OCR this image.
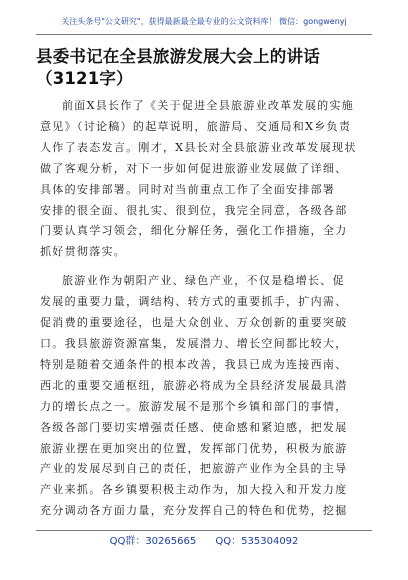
关注头条号"公文研究"，获得最新最全最专业的公文资料库！ 微信：gongwenyj
县委书记在全县旅游发展大会上的讲话（3121字）
前面X县长作了《关于促进全县旅游业改革发展的实施
意见》（讨论稿）的起草说明，旅游局、交通局和X乡负责
人作了表态发言。刚才，X县长对全县旅游业改革发展现状
做了客观分析，对下一步如何促进旅游业发展做了详细、
具体的安排部署。同时对当前重点工作了全面安排部署
安排的很全面、很扎实、很到位，我完全同意，各级各部
门要认真学习领会，细化分解任务，强化工作措施，全力
抓好贯彻落实。
旅游业作为朝阳产业、绿色产业，不仅是稳增长、促
发展的重要力量，调结构、转方式的重要抓手，扩内需、
促消费的重要途径，也是大众创业、万众创新的重要突破
口。我县旅游资源富集，发展潜力、增长空间都比较大，
特别是随着交通条件的根本改善，我县已成为连接西南、
西北的重要交通枢纽，旅游必将成为全县经济发展最具潜
力的增长点之一。旅游发展不是那个乡镇和部门的事情，
各级各部门要切实增强责任感、使命感和紧迫感，把发展
旅游业摆在更加突出的位置，发挥部门优势，积极为旅游
产业的发展尽到自己的责任，把旅游产业作为全县的主导
产业来抓。各乡镇要积极主动作为，加大投入和开发力度
充分调动各方面力量，充分发挥自己的特色和优势，挖掘
QQ群：30265665 QQ：535304092
